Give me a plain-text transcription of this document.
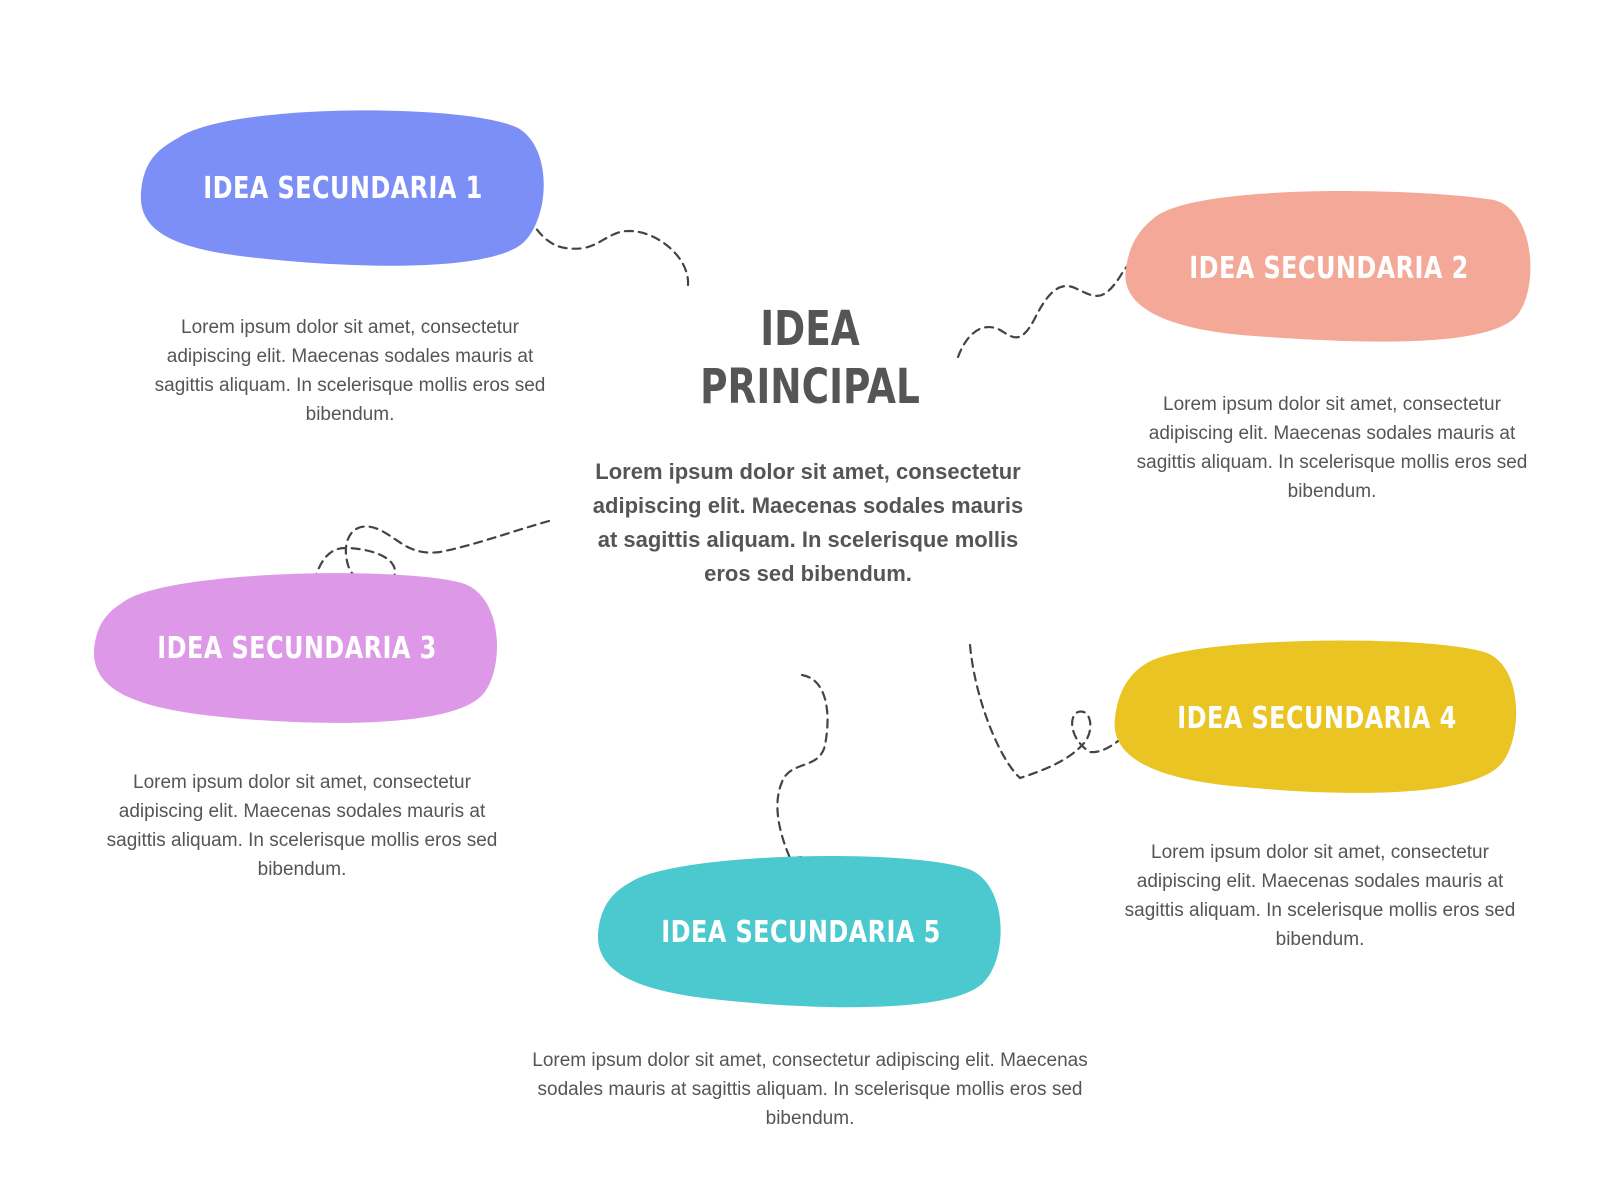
IDEA
PRINCIPAL
Lorem ipsum dolor sit amet, consectetur adipiscing elit. Maecenas sodales mauris at sagittis aliquam. In scelerisque mollis eros sed bibendum.
IDEA SECUNDARIA 1
Lorem ipsum dolor sit amet, consectetur adipiscing elit. Maecenas sodales mauris at sagittis aliquam. In scelerisque mollis eros sed bibendum.
IDEA SECUNDARIA 2
Lorem ipsum dolor sit amet, consectetur adipiscing elit. Maecenas sodales mauris at sagittis aliquam. In scelerisque mollis eros sed bibendum.
IDEA SECUNDARIA 3
Lorem ipsum dolor sit amet, consectetur adipiscing elit. Maecenas sodales mauris at sagittis aliquam. In scelerisque mollis eros sed bibendum.
IDEA SECUNDARIA 4
Lorem ipsum dolor sit amet, consectetur adipiscing elit. Maecenas sodales mauris at sagittis aliquam. In scelerisque mollis eros sed bibendum.
IDEA SECUNDARIA 5
Lorem ipsum dolor sit amet, consectetur adipiscing elit. Maecenas sodales mauris at sagittis aliquam. In scelerisque mollis eros sed bibendum.
